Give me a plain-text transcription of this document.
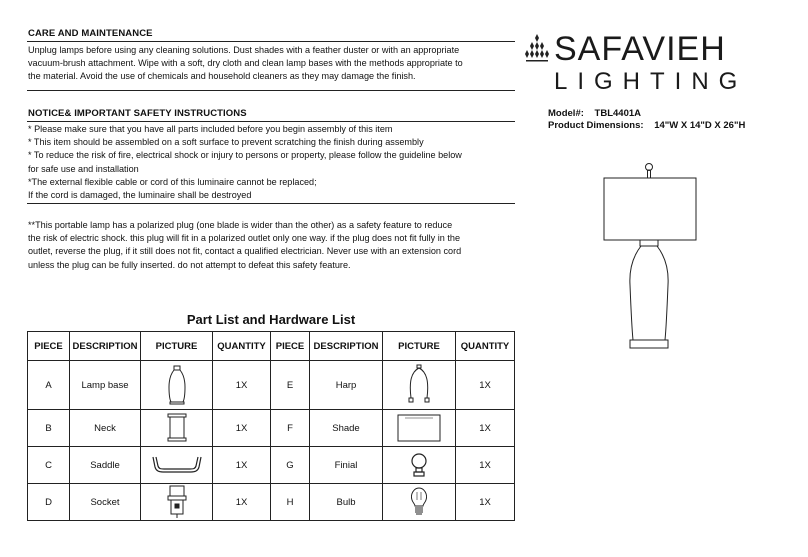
CARE AND MAINTENANCE
Unplug lamps before using any cleaning solutions. Dust shades with a feather duster or with an appropriate
vacuum-brush attachment. Wipe with a soft, dry cloth and clean lamp bases with the methods appropriate to
the material. Avoid the use of chemicals and household cleaners as they may damage the finish.
NOTICE& IMPORTANT SAFETY INSTRUCTIONS
* Please make sure that you have all parts included before you begin assembly of this item
* This item should be assembled on a soft surface to prevent scratching the finish during assembly
* To reduce the risk of fire, electrical shock or injury to persons or property, please follow the guideline below
for safe use and installation
*The external flexible cable or cord of this luminaire cannot be replaced;
If the cord is damaged, the luminaire shall be destroyed
**This portable lamp has a polarized plug (one blade is wider than the other) as a safety feature to reduce
the risk of electric shock. this plug will fit in a polarized outlet only one way. if the plug does not fit fully in the
outlet, reverse the plug, if it still does not fit, contact a qualified electrician. Never use with an extension cord
unless the plug can be fully inserted. do not attempt to defeat this safety feature.
SAFAVIEH
LIGHTING
Model#: TBL4401A
Product Dimensions: 14"W X 14"D X 26"H
Part List and Hardware List
PIECE	DESCRIPTION	PICTURE	QUANTITY	PIECE	DESCRIPTION	PICTURE	QUANTITY
A	Lamp base		1X	E	Harp		1X
B	Neck		1X	F	Shade		1X
C	Saddle		1X	G	Finial		1X
D	Socket		1X	H	Bulb		1X
